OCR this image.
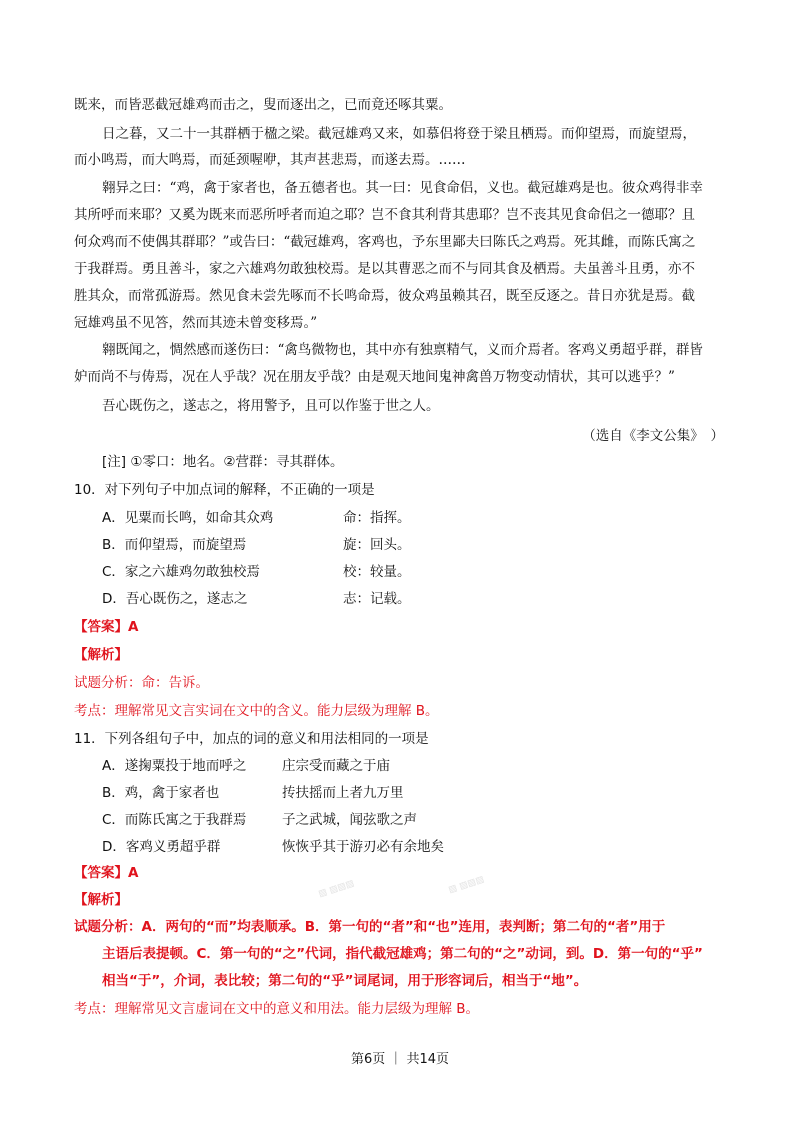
既来，而皆恶截冠雄鸡而击之，叟而逐出之，已而竟还啄其粟。
日之暮，又二十一其群栖于楹之梁。截冠雄鸡又来，如慕侣将登于梁且栖焉。而仰望焉，而旋望焉，
而小鸣焉，而大鸣焉，而延颈喔咿，其声甚悲焉，而遂去焉。……
翱异之曰：“鸡，禽于家者也，备五德者也。其一曰：见食命侣，义也。截冠雄鸡是也。彼众鸡得非幸
其所呼而来耶？又奚为既来而恶所呼者而迫之耶？岂不食其利背其患耶？岂不丧其见食命侣之一德耶？且
何众鸡而不使偶其群耶？”或告曰：“截冠雄鸡，客鸡也，予东里鄙夫曰陈氏之鸡焉。死其雌，而陈氏寓之
于我群焉。勇且善斗，家之六雄鸡勿敢独校焉。是以其曹恶之而不与同其食及栖焉。夫虽善斗且勇，亦不
胜其众，而常孤游焉。然见食未尝先啄而不长鸣命焉，彼众鸡虽赖其召，既至反逐之。昔日亦犹是焉。截
冠雄鸡虽不见答，然而其迹未曾变移焉。”
翱既闻之，惆然感而遂伤曰：“禽鸟微物也，其中亦有独禀精气，义而介焉者。客鸡义勇超乎群，群皆
妒而尚不与俦焉，况在人乎哉？况在朋友乎哉？由是观天地间鬼神禽兽万物变动情状，其可以逃乎？”
吾心既伤之，遂志之，将用警予，且可以作鉴于世之人。
（选自《李文公集》　）
[注] ①零口：地名。②营群：寻其群体。
10．对下列句子中加点词的解释，不正确的一项是
A．见粟而长鸣，如命其众鸡	命：指挥。
B．而仰望焉，而旋望焉	旋：回头。
C．家之六雄鸡勿敢独校焉	校：较量。
D．吾心既伤之，遂志之	志：记载。
【答案】A
【解析】
试题分析：命：告诉。
考点：理解常见文言实词在文中的含义。能力层级为理解 B。
11．下列各组句子中，加点的词的意义和用法相同的一项是
A．遂掬粟投于地而呼之	庄宗受而藏之于庙
B．鸡，禽于家者也	抟扶摇而上者九万里
C．而陈氏寓之于我群焉	子之武城，闻弦歌之声
D．客鸡义勇超乎群	恢恢乎其于游刃必有余地矣
【答案】A
【解析】
试题分析：A．两句的“而”均表顺承。B．第一句的“者”和“也”连用，表判断；第二句的“者”用于
主语后表提顿。C．第一句的“之”代词，指代截冠雄鸡；第二句的“之”动词，到。D．第一句的“乎”
相当“于”，介词，表比较；第二句的“乎”词尾词，用于形容词后，相当于“地”。
考点：理解常见文言虚词在文中的意义和用法。能力层级为理解 B。
▨ ▨▨▨	▨ ▨▨▨
第6页 ｜ 共14页
